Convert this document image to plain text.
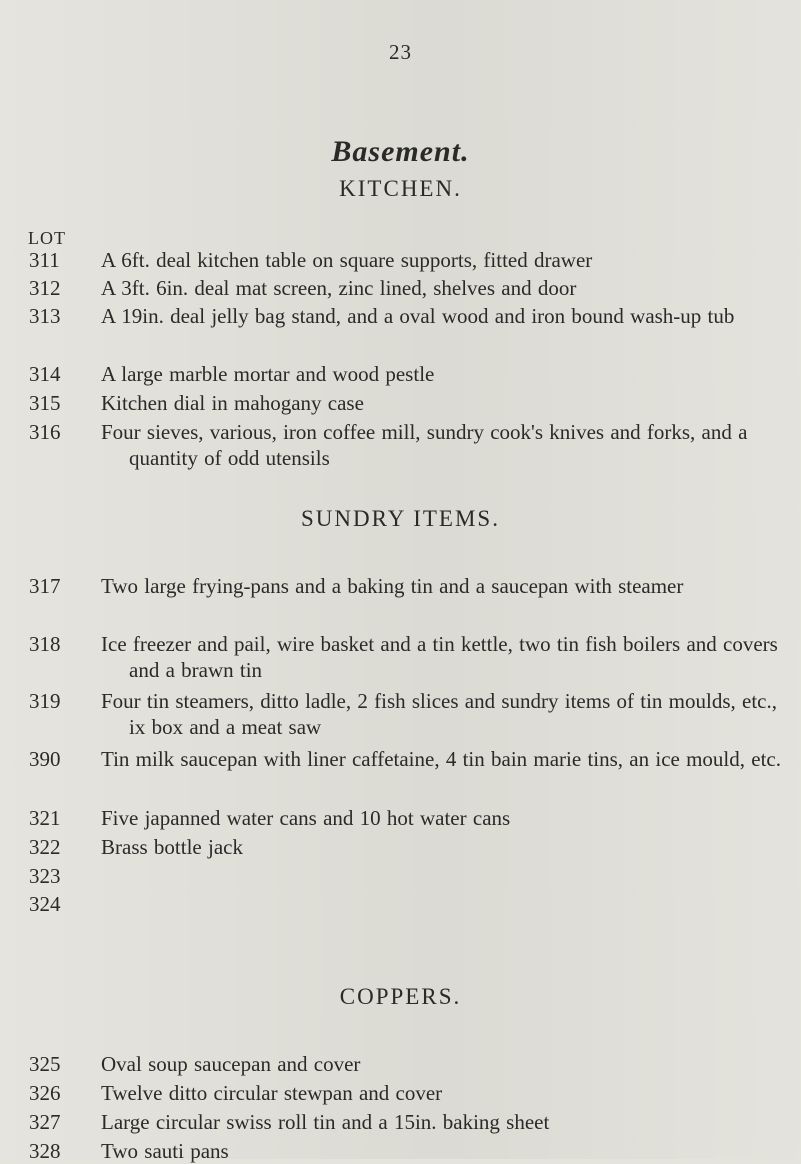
23
Basement.
KITCHEN.
LOT
311	A 6ft. deal kitchen table on square supports, fitted drawer
312	A 3ft. 6in. deal mat screen, zinc lined, shelves and door
313	A 19in. deal jelly bag stand, and a oval wood and iron bound wash-up tub
314	A large marble mortar and wood pestle
315	Kitchen dial in mahogany case
316	Four sieves, various, iron coffee mill, sundry cook's knives and forks, and a quantity of odd utensils
SUNDRY ITEMS.
317	Two large frying-pans and a baking tin and a saucepan with steamer
318	Ice freezer and pail, wire basket and a tin kettle, two tin fish boilers and covers and a brawn tin
319	Four tin steamers, ditto ladle, 2 fish slices and sundry items of tin moulds, etc., ix box and a meat saw
390	Tin milk saucepan with liner caffetaine, 4 tin bain marie tins, an ice mould, etc.
321	Five japanned water cans and 10 hot water cans
322	Brass bottle jack
323
324
COPPERS.
325	Oval soup saucepan and cover
326	Twelve ditto circular stewpan and cover
327	Large circular swiss roll tin and a 15in. baking sheet
328	Two sauti pans
